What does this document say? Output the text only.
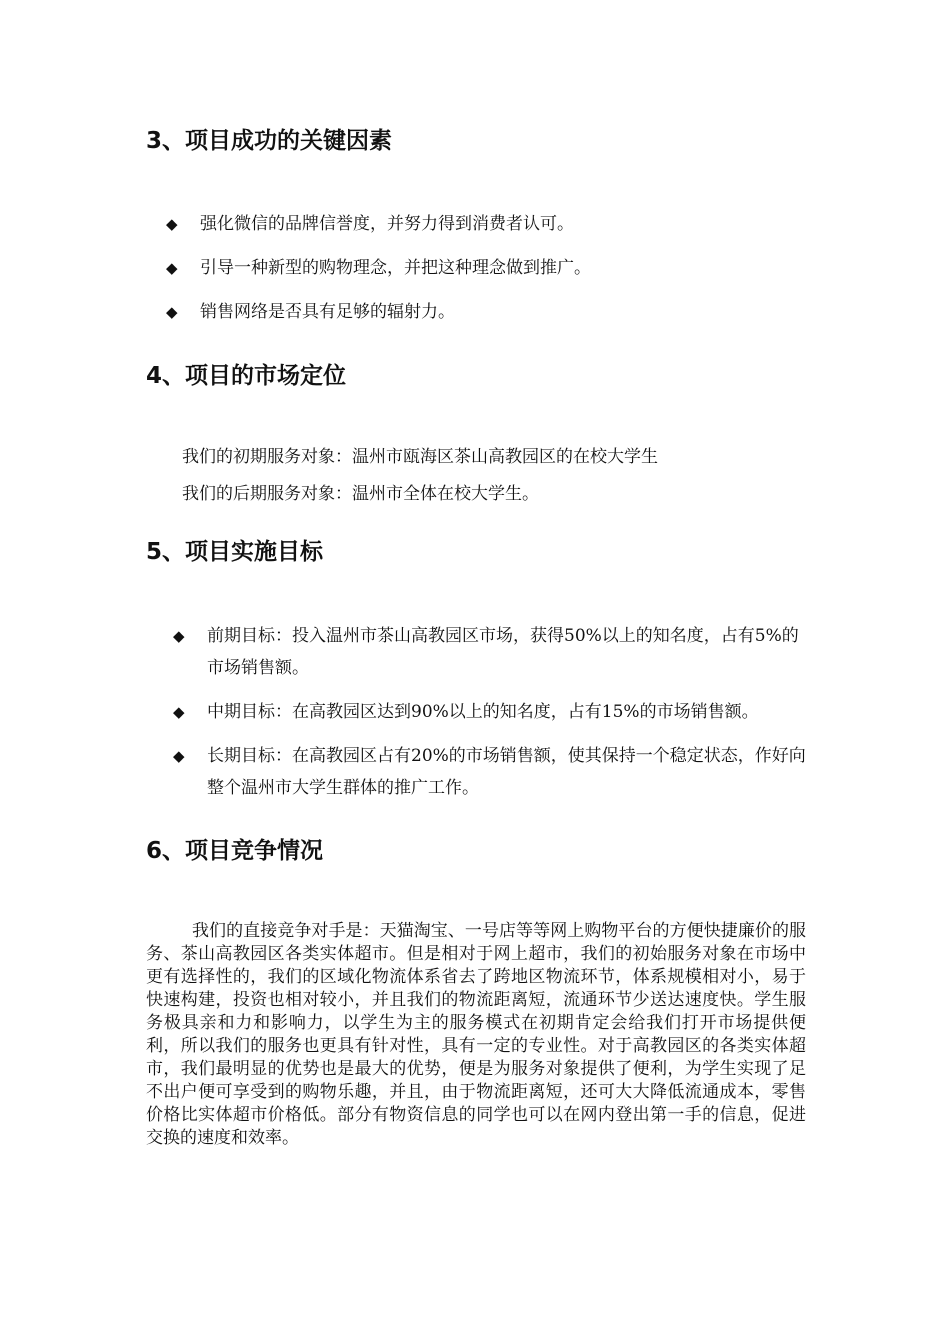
3、项目成功的关键因素
◆ 强化微信的品牌信誉度，并努力得到消费者认可。
◆ 引导一种新型的购物理念，并把这种理念做到推广。
◆ 销售网络是否具有足够的辐射力。
4、项目的市场定位

我们的初期服务对象：温州市瓯海区茶山高教园区的在校大学生

我们的后期服务对象：温州市全体在校大学生。

5、项目实施目标
◆ 前期目标：投入温州市茶山高教园区市场，获得50%以上的知名度，占有5%的市场销售额。
◆ 中期目标：在高教园区达到90%以上的知名度，占有15%的市场销售额。
◆ 长期目标：在高教园区占有20%的市场销售额，使其保持一个稳定状态，作好向整个温州市大学生群体的推广工作。
6、项目竞争情况

我们的直接竞争对手是：天猫淘宝、一号店等等网上购物平台的方便快捷廉价的服务、茶山高教园区各类实体超市。但是相对于网上超市，我们的初始服务对象在市场中更有选择性的，我们的区域化物流体系省去了跨地区物流环节，体系规模相对小，易于快速构建，投资也相对较小，并且我们的物流距离短，流通环节少送达速度快。学生服务极具亲和力和影响力，以学生为主的服务模式在初期肯定会给我们打开市场提供便利，所以我们的服务也更具有针对性，具有一定的专业性。对于高教园区的各类实体超市，我们最明显的优势也是最大的优势，便是为服务对象提供了便利，为学生实现了足不出户便可享受到的购物乐趣，并且，由于物流距离短，还可大大降低流通成本，零售价格比实体超市价格低。部分有物资信息的同学也可以在网内登出第一手的信息，促进交换的速度和效率。
